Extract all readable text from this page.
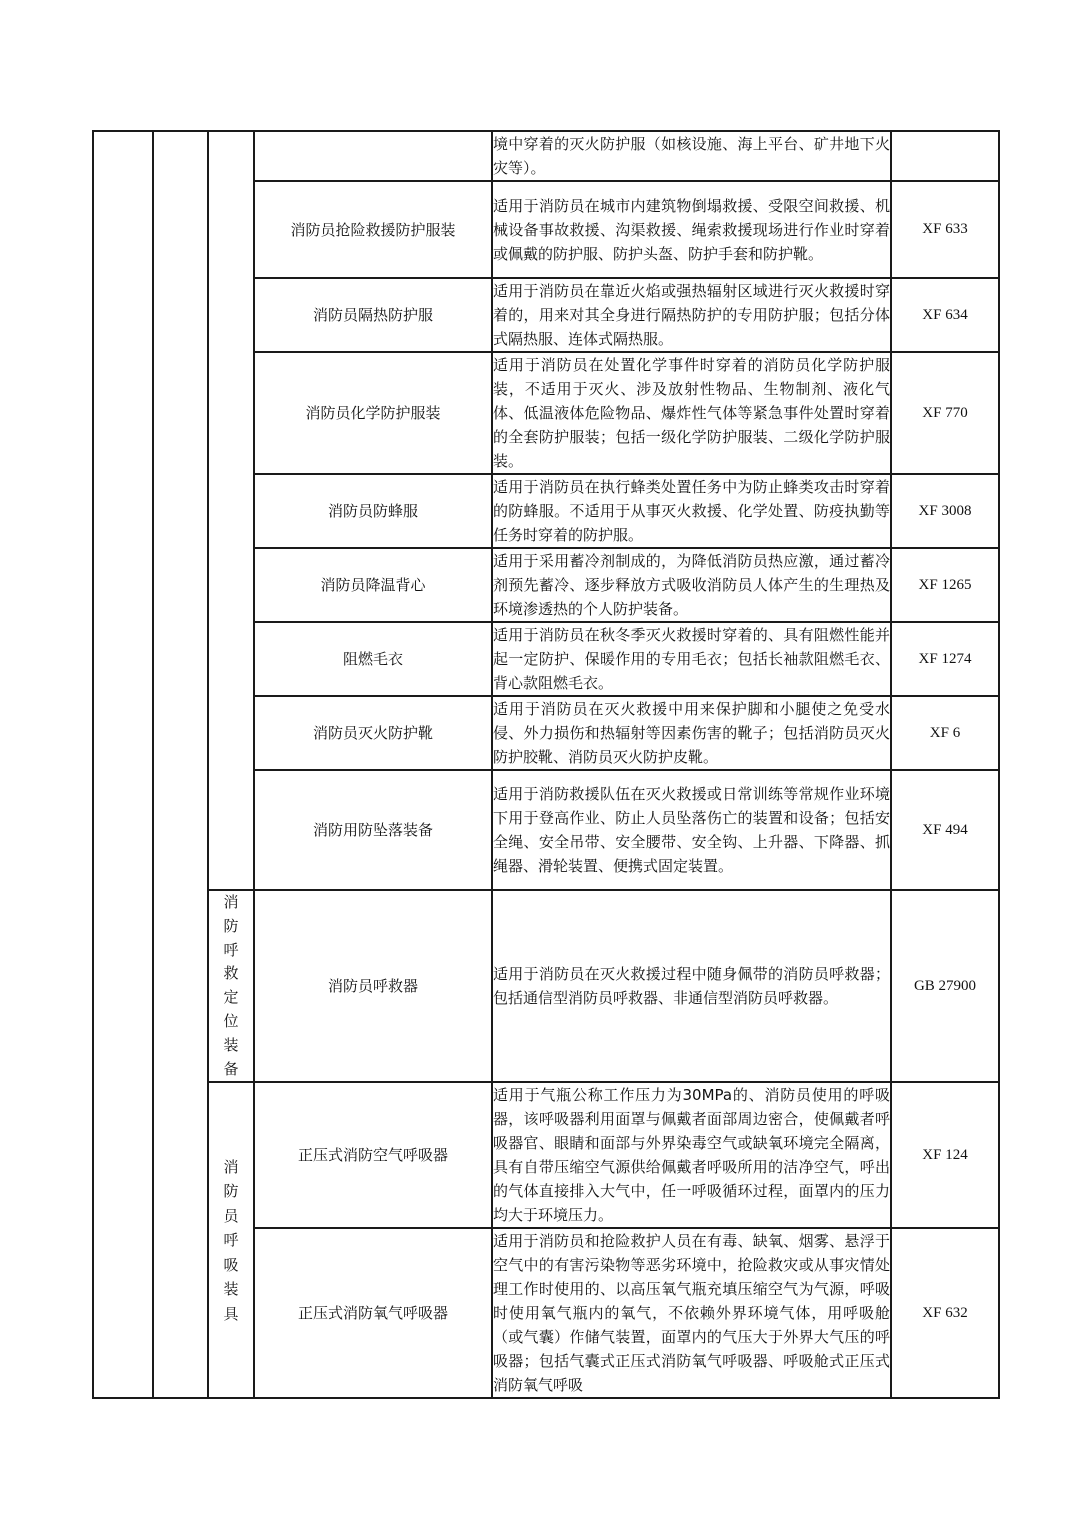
				境中穿着的灭火防护服（如核设施、海上平台、矿井地下火灾等）。	

			消防员抢险救援防护服装	适用于消防员在城市内建筑物倒塌救援、受限空间救援、机械设备事故救援、沟渠救援、绳索救援现场进行作业时穿着或佩戴的防护服、防护头盔、防护手套和防护靴。	XF 633
			消防员隔热防护服	适用于消防员在靠近火焰或强热辐射区域进行灭火救援时穿着的，用来对其全身进行隔热防护的专用防护服；包括分体式隔热服、连体式隔热服。	XF 634
			消防员化学防护服装	适用于消防员在处置化学事件时穿着的消防员化学防护服装，不适用于灭火、涉及放射性物品、生物制剂、液化气体、低温液体危险物品、爆炸性气体等紧急事件处置时穿着的全套防护服装；包括一级化学防护服装、二级化学防护服装。	XF 770
			消防员防蜂服	适用于消防员在执行蜂类处置任务中为防止蜂类攻击时穿着的防蜂服。不适用于从事灭火救援、化学处置、防疫执勤等任务时穿着的防护服。	XF 3008
			消防员降温背心	适用于采用蓄冷剂制成的，为降低消防员热应激，通过蓄冷剂预先蓄冷、逐步释放方式吸收消防员人体产生的生理热及环境渗透热的个人防护装备。	XF 1265
			阻燃毛衣	适用于消防员在秋冬季灭火救援时穿着的、具有阻燃性能并起一定防护、保暖作用的专用毛衣；包括长袖款阻燃毛衣、背心款阻燃毛衣。	XF 1274
			消防员灭火防护靴	适用于消防员在灭火救援中用来保护脚和小腿使之免受水侵、外力损伤和热辐射等因素伤害的靴子；包括消防员灭火防护胶靴、消防员灭火防护皮靴。	XF 6
			消防用防坠落装备	适用于消防救援队伍在灭火救援或日常训练等常规作业环境下用于登高作业、防止人员坠落伤亡的装置和设备；包括安全绳、安全吊带、安全腰带、安全钩、上升器、下降器、抓绳器、滑轮装置、便携式固定装置。	XF 494

		消防呼救定位装备	消防员呼救器	适用于消防员在灭火救援过程中随身佩带的消防员呼救器；包括通信型消防员呼救器、非通信型消防员呼救器。	GB 27900

		消防员呼吸装具	正压式消防空气呼吸器	适用于气瓶公称工作压力为30MPa的、消防员使用的呼吸器，该呼吸器利用面罩与佩戴者面部周边密合，使佩戴者呼吸器官、眼睛和面部与外界染毒空气或缺氧环境完全隔离，具有自带压缩空气源供给佩戴者呼吸所用的洁净空气，呼出的气体直接排入大气中，任一呼吸循环过程，面罩内的压力均大于环境压力。	XF 124
			正压式消防氧气呼吸器	适用于消防员和抢险救护人员在有毒、缺氧、烟雾、悬浮于空气中的有害污染物等恶劣环境中，抢险救灾或从事灾情处理工作时使用的、以高压氧气瓶充填压缩空气为气源，呼吸时使用氧气瓶内的氧气，不依赖外界环境气体，用呼吸舱（或气囊）作储气装置，面罩内的气压大于外界大气压的呼吸器；包括气囊式正压式消防氧气呼吸器、呼吸舱式正压式消防氧气呼吸	XF 632
